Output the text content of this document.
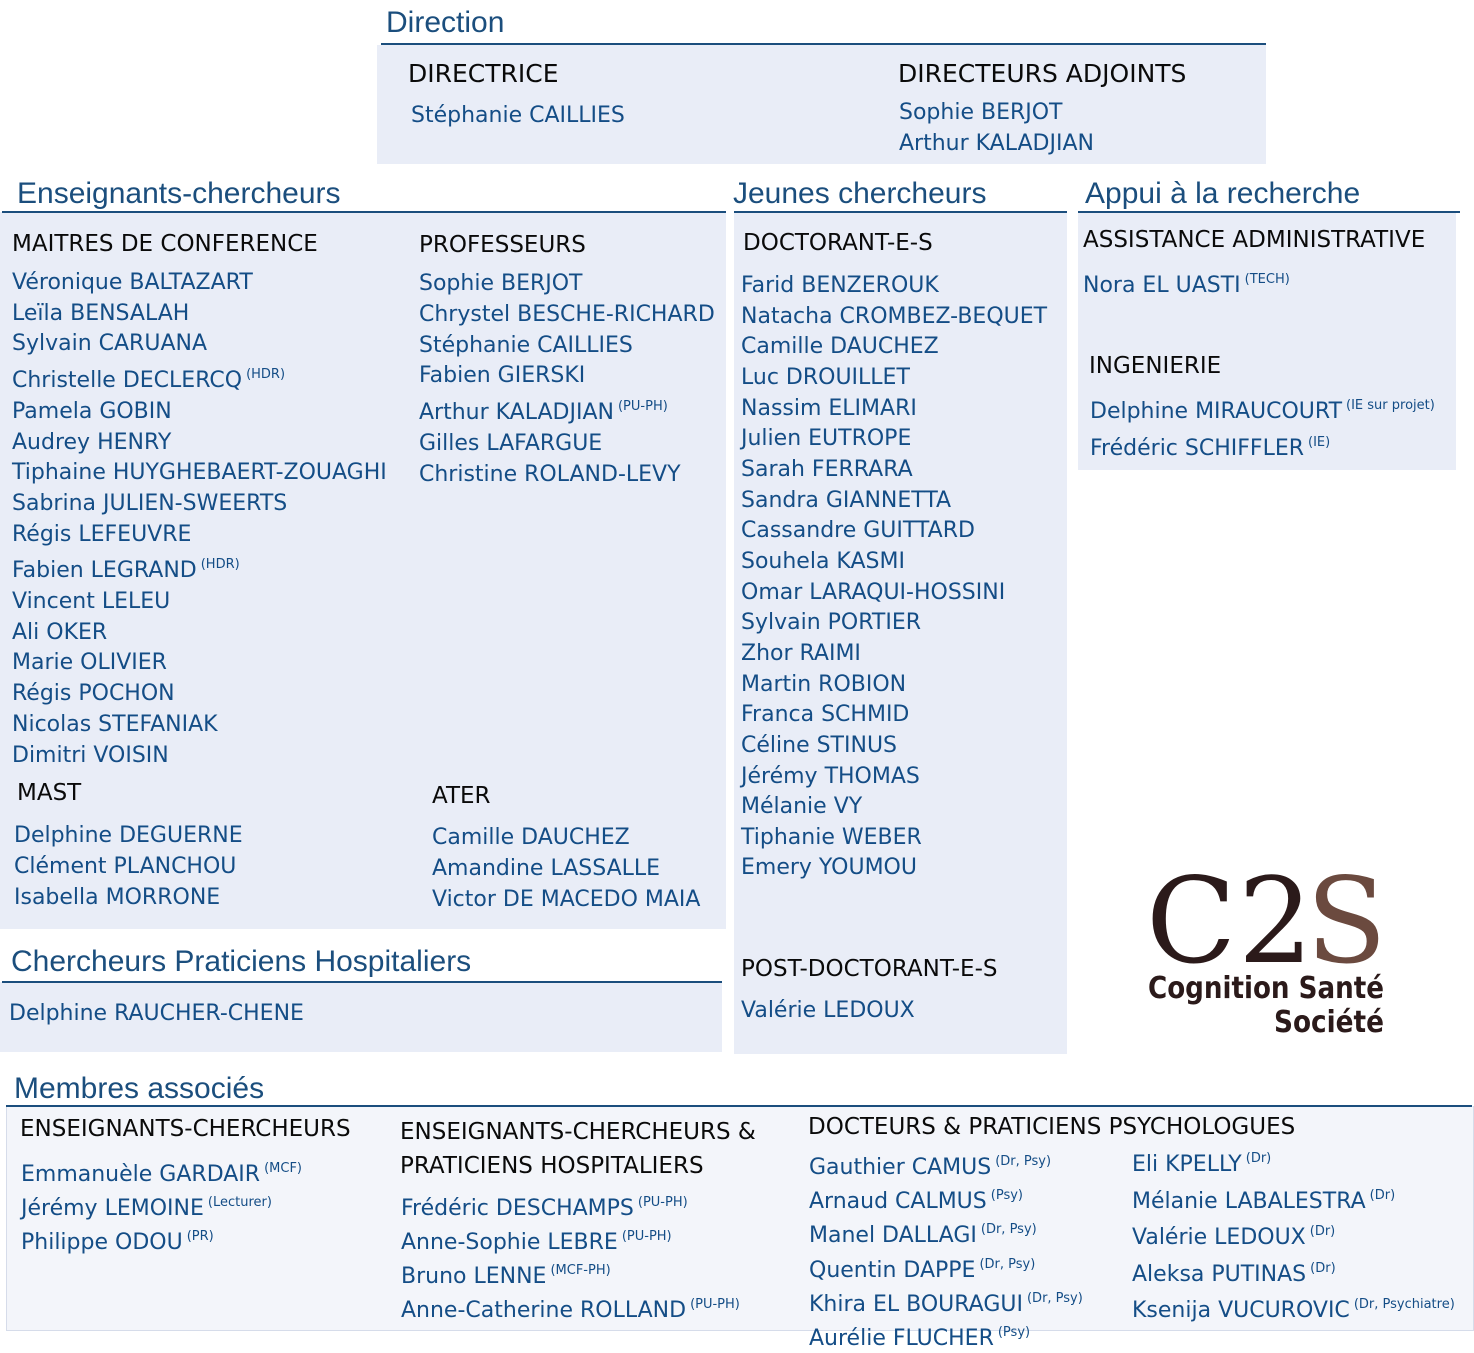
Direction
DIRECTRICE
Stéphanie CAILLIES
DIRECTEURS ADJOINTS
Sophie BERJOT
Arthur KALADJIAN
Enseignants-chercheurs	Jeunes chercheurs	Appui à la recherche
Chercheurs Praticiens Hospitaliers
Membres associés
MAITRES DE CONFERENCE
Véronique BALTAZART
Leïla BENSALAH
Sylvain CARUANA
Christelle DECLERCQ $^{(HDR)}$
Pamela GOBIN
Audrey HENRY
Tiphaine HUYGHEBAERT-ZOUAGHI
Sabrina JULIEN-SWEERTS
Régis LEFEUVRE
Fabien LEGRAND $^{(HDR)}$
Vincent LELEU
Ali OKER
Marie OLIVIER
Régis POCHON
Nicolas STEFANIAK
Dimitri VOISIN
PROFESSEURS
Sophie BERJOT
Chrystel BESCHE-RICHARD
Stéphanie CAILLIES
Fabien GIERSKI
Arthur KALADJIAN $^{(PU-PH)}$
Gilles LAFARGUE
Christine ROLAND-LEVY
MAST
Delphine DEGUERNE
Clément PLANCHOU
Isabella MORRONE
ATER
Camille DAUCHEZ
Amandine LASSALLE
Victor DE MACEDO MAIA
Delphine RAUCHER-CHENE
DOCTORANT-E-S
Farid BENZEROUK
Natacha CROMBEZ-BEQUET
Camille DAUCHEZ
Luc DROUILLET
Nassim ELIMARI
Julien EUTROPE
Sarah FERRARA
Sandra GIANNETTA
Cassandre GUITTARD
Souhela KASMI
Omar LARAQUI-HOSSINI
Sylvain PORTIER
Zhor RAIMI
Martin ROBION
Franca SCHMID
Céline STINUS
Jérémy THOMAS
Mélanie VY
Tiphanie WEBER
Emery YOUMOU
POST-DOCTORANT-E-S
Valérie LEDOUX
ASSISTANCE ADMINISTRATIVE
Nora EL UASTI $^{(TECH)}$
INGENIERIE
Delphine MIRAUCOURT $^{(IE sur projet)}$
Frédéric SCHIFFLER $^{(IE)}$
C 2
S
Cognition Santé
Société
ENSEIGNANTS-CHERCHEURS
Emmanuèle GARDAIR $^{(MCF)}$
Jérémy LEMOINE $^{(Lecturer)}$
Philippe ODOU $^{(PR)}$
ENSEIGNANTS-CHERCHEURS &
PRATICIENS HOSPITALIERS
Frédéric DESCHAMPS $^{(PU-PH)}$
Anne-Sophie LEBRE $^{(PU-PH)}$
Bruno LENNE $^{(MCF-PH)}$
Anne-Catherine ROLLAND $^{(PU-PH)}$
DOCTEURS & PRATICIENS PSYCHOLOGUES
Gauthier CAMUS $^{(Dr, Psy)}$
Arnaud CALMUS $^{(Psy)}$
Manel DALLAGI $^{(Dr, Psy)}$
Quentin DAPPE $^{(Dr, Psy)}$
Khira EL BOURAGUI $^{(Dr, Psy)}$
Aurélie FLUCHER $^{(Psy)}$
Eli KPELLY $^{(Dr)}$
Mélanie LABALESTRA $^{(Dr)}$
Valérie LEDOUX $^{(Dr)}$
Aleksa PUTINAS $^{(Dr)}$
Ksenija VUCUROVIC $^{(Dr, Psychiatre)}$
